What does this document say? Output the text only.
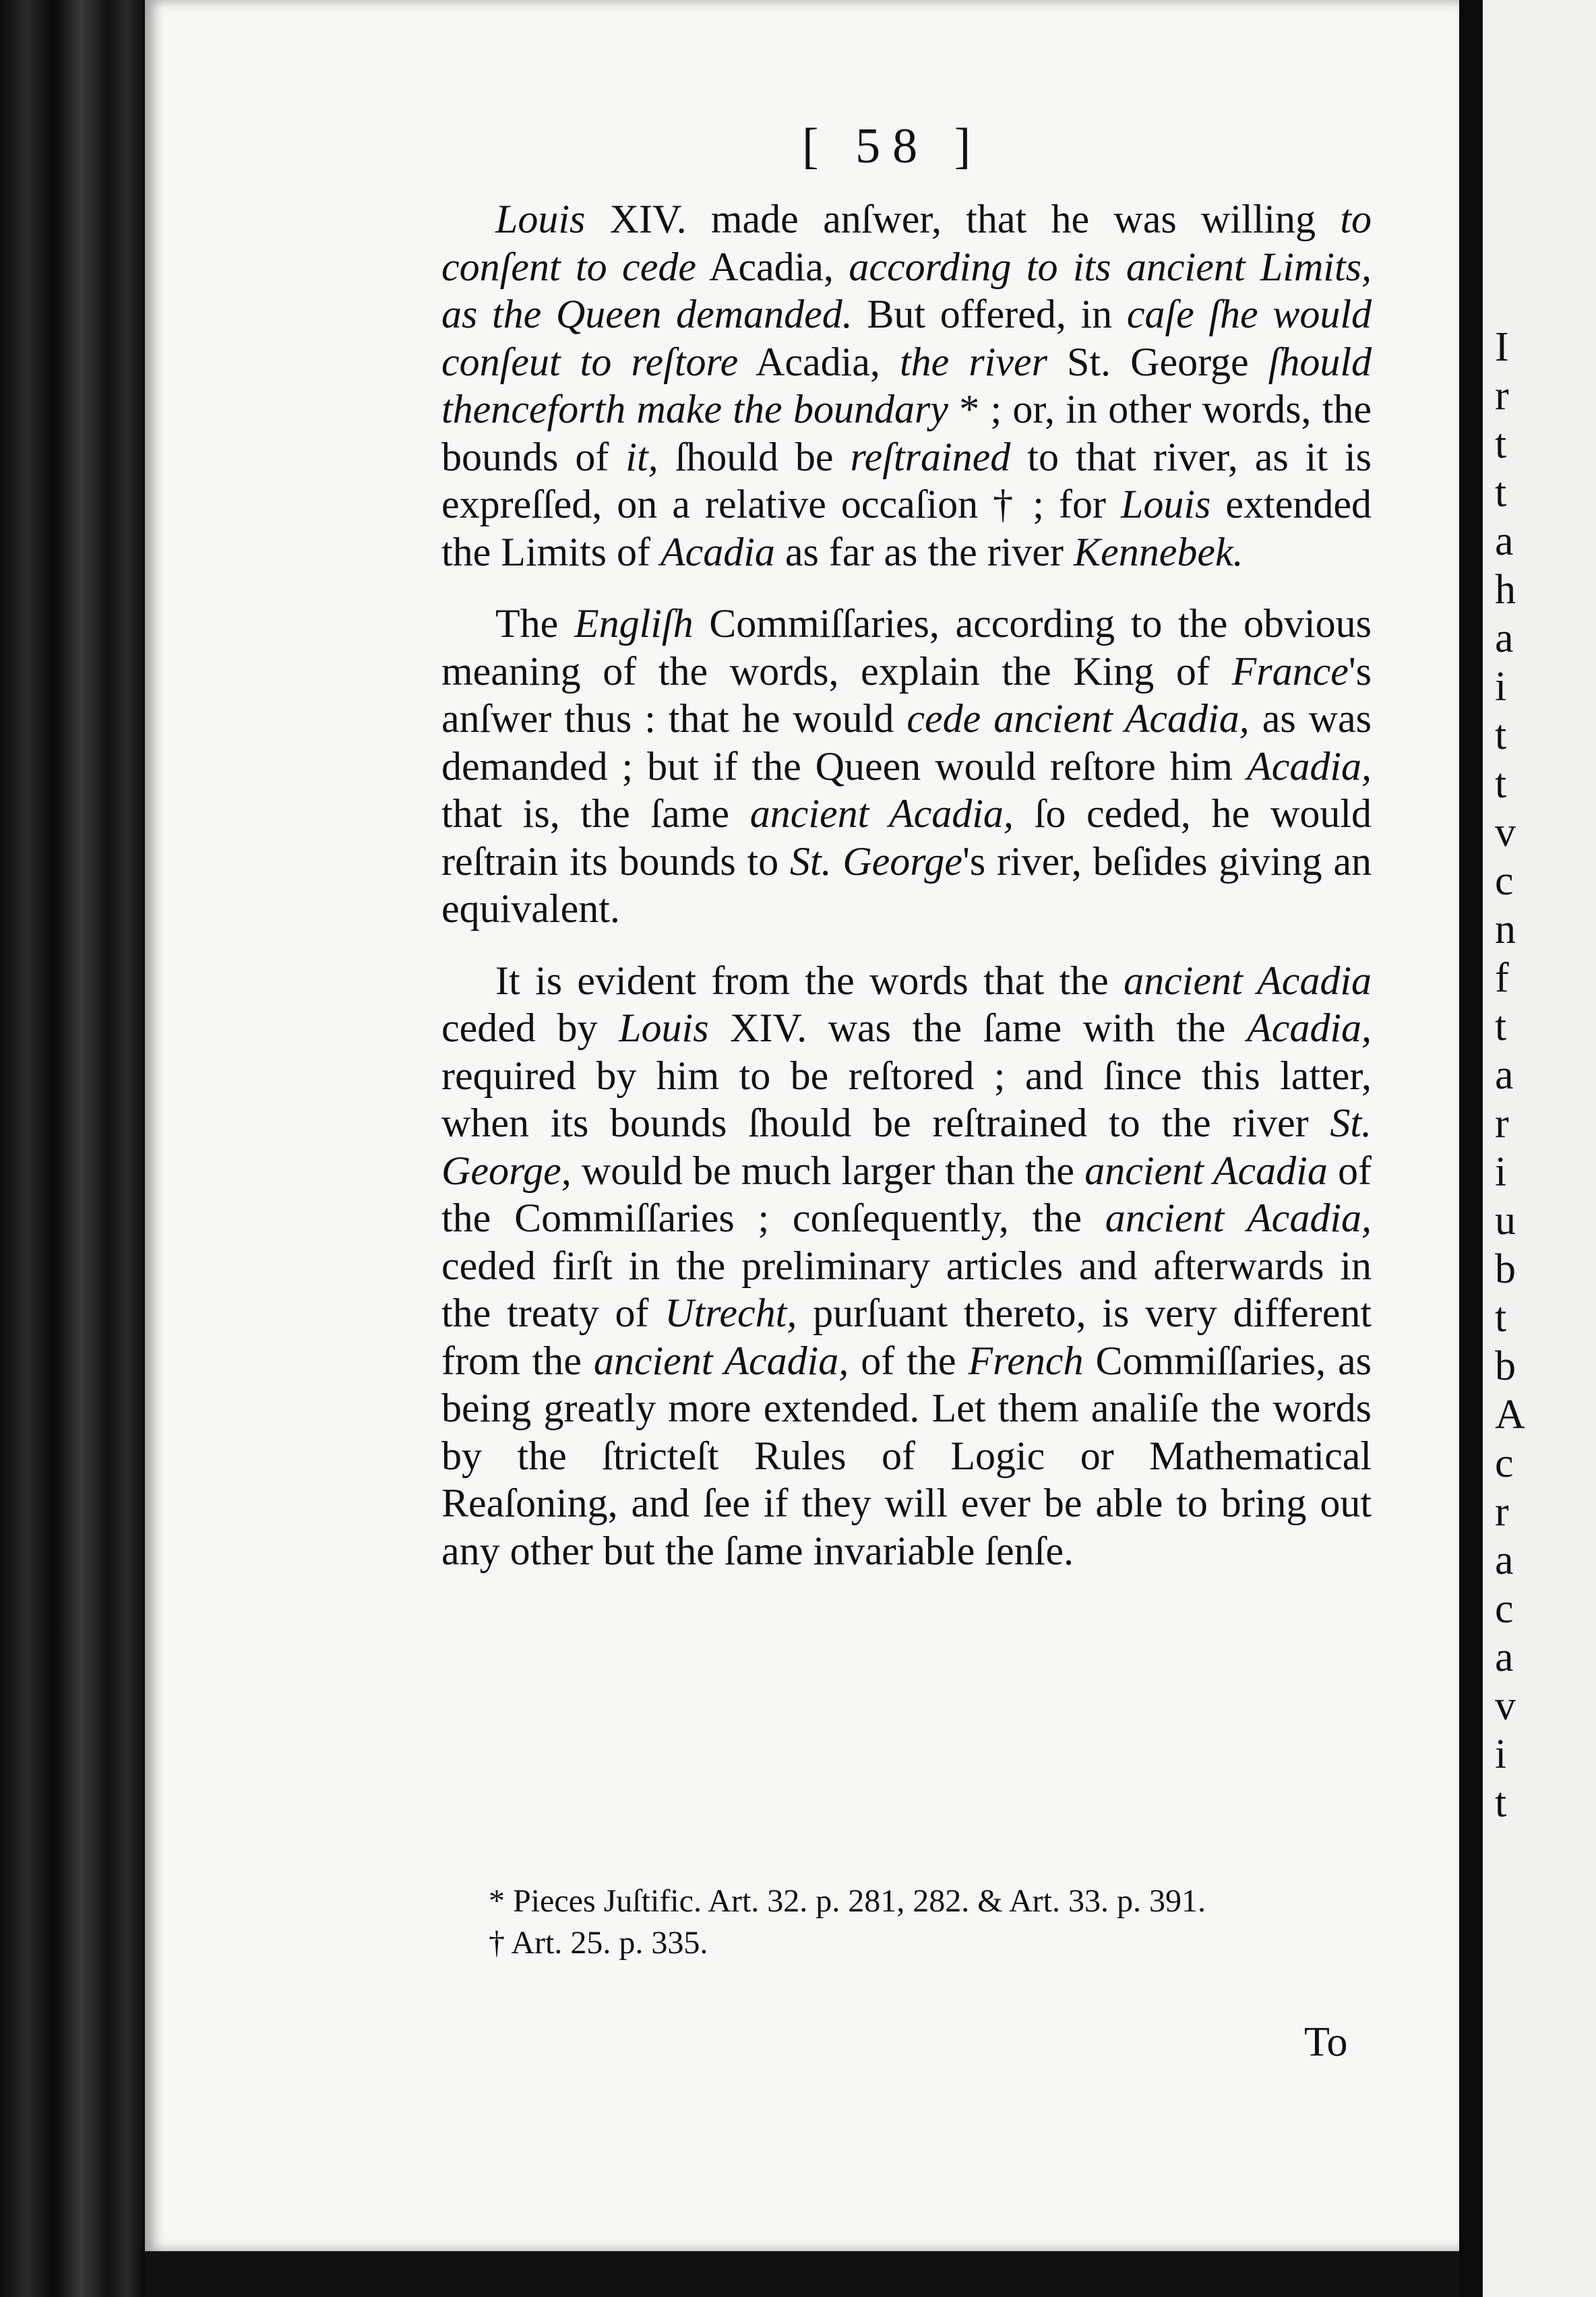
[ 58 ]

Louis XIV. made anſwer, that he was willing to conſent to cede Acadia, according to its ancient Limits, as the Queen demanded. But offered, in caſe ſhe would conſeut to reſtore Acadia, the river St. George ſhould thenceforth make the boundary * ; or, in other words, the bounds of it, ſhould be reſtrained to that river, as it is expreſſed, on a relative occaſion † ; for Louis extended the Limits of Acadia as far as the river Kennebek.

The Engliſh Commiſſaries, according to the obvious meaning of the words, explain the King of France's anſwer thus : that he would cede ancient Acadia, as was demanded ; but if the Queen would reſtore him Acadia, that is, the ſame ancient Acadia, ſo ceded, he would reſtrain its bounds to St. George's river, beſides giving an equivalent.

It is evident from the words that the ancient Acadia ceded by Louis XIV. was the ſame with the Acadia, required by him to be reſtored ; and ſince this latter, when its bounds ſhould be reſtrained to the river St. George, would be much larger than the ancient Acadia of the Commiſſaries ; conſequently, the ancient Acadia, ceded firſt in the preliminary articles and afterwards in the treaty of Utrecht, purſuant thereto, is very different from the ancient Acadia, of the French Commiſſaries, as being greatly more extended. Let them analiſe the words by the ſtricteſt Rules of Logic or Mathematical Reaſoning, and ſee if they will ever be able to bring out any other but the ſame invariable ſenſe.

* Pieces Juſtific. Art. 32. p. 281, 282. & Art. 33. p. 391.

† Art. 25. p. 335.

To
I
r
t
t
a
h
a
i
t
t
v
c
n
f
t
a
r
i
u
b
t
b
A
c
r
a
c
a
v
i
t
